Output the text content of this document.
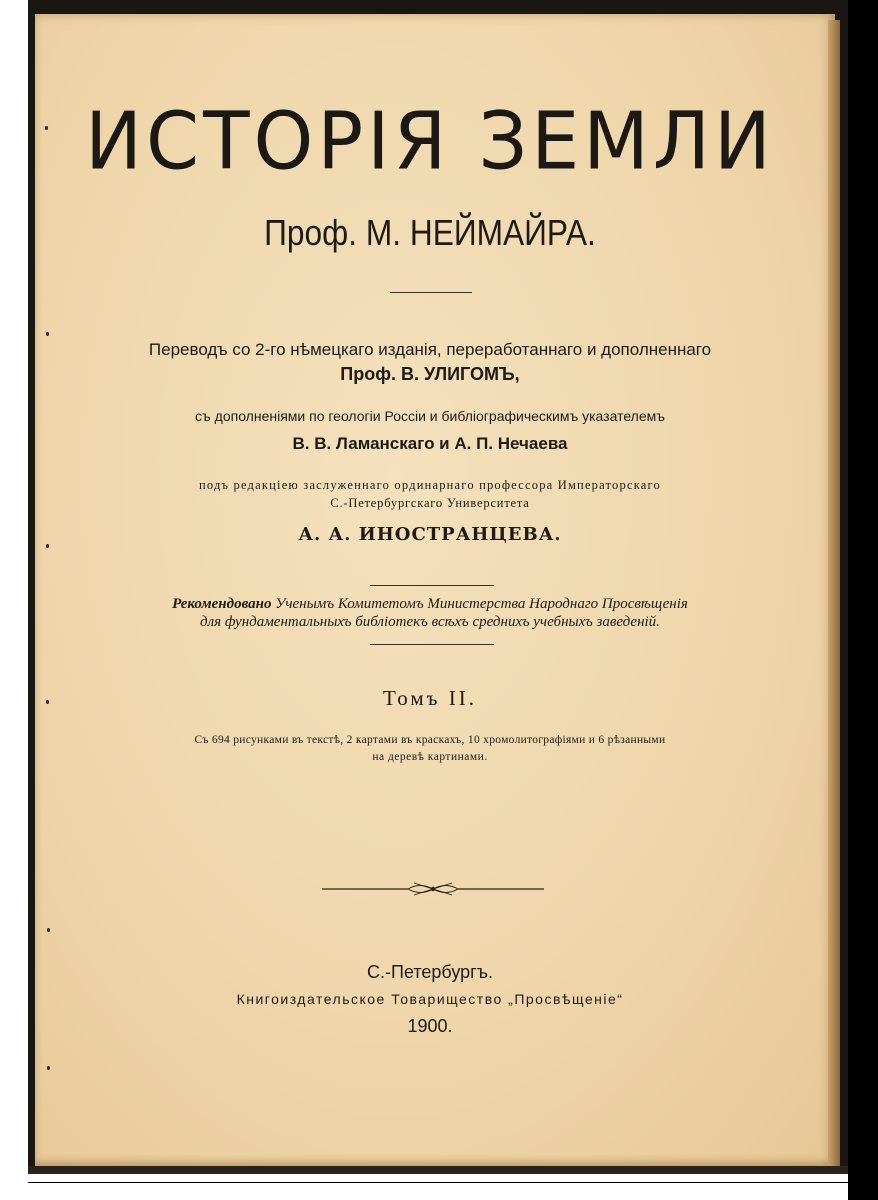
ИСТОРІЯ ЗЕМЛИ
Проф. М. НЕЙМАЙРА.
Переводъ со 2-го нѣмецкаго изданія, переработаннаго и дополненнаго
Проф. В. УЛИГОМЪ,
съ дополненіями по геологіи Россіи и библіографическимъ указателемъ
В. В. Ламанскаго и А. П. Нечаева
подъ редакціею заслуженнаго ординарнаго профессора Императорскаго
С.-Петербургскаго Университета
А. А. ИНОСТРАНЦЕВА.
Рекомендовано Ученымъ Комитетомъ Министерства Народнаго Просвѣщенія
для фундаментальныхъ библіотекъ всѣхъ среднихъ учебныхъ заведеній.
Томъ II.
Съ 694 рисунками въ текстѣ, 2 картами въ краскахъ, 10 хромолитографіями и 6 рѣзанными
на деревѣ картинами.
С.-Петербургъ.
Книгоиздательское Товарищество „Просвѣщеніе“
1900.
